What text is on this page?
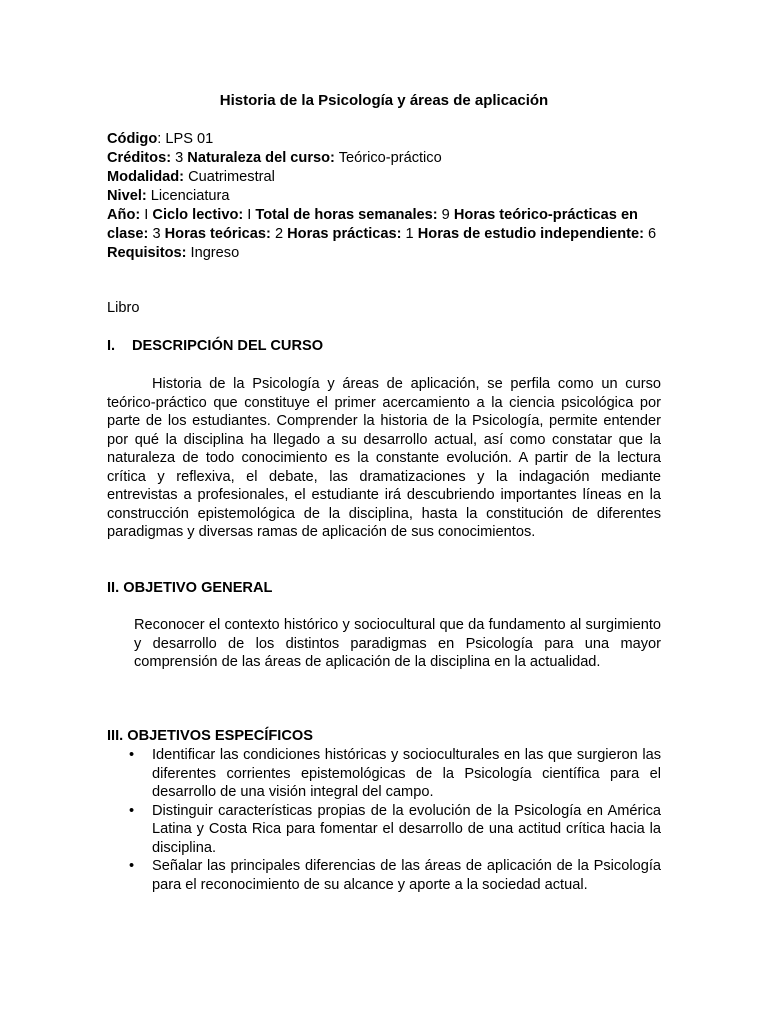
Historia de la Psicología y áreas de aplicación
Código: LPS 01
Créditos: 3 Naturaleza del curso: Teórico-práctico
Modalidad: Cuatrimestral
Nivel: Licenciatura
Año: I Ciclo lectivo: I Total de horas semanales: 9 Horas teórico-prácticas en clase: 3 Horas teóricas: 2 Horas prácticas: 1 Horas de estudio independiente: 6 Requisitos: Ingreso
Libro
I. DESCRIPCIÓN DEL CURSO
Historia de la Psicología y áreas de aplicación, se perfila como un curso teórico-práctico que constituye el primer acercamiento a la ciencia psicológica por parte de los estudiantes. Comprender la historia de la Psicología, permite entender por qué la disciplina ha llegado a su desarrollo actual, así como constatar que la naturaleza de todo conocimiento es la constante evolución. A partir de la lectura crítica y reflexiva, el debate, las dramatizaciones y la indagación mediante entrevistas a profesionales, el estudiante irá descubriendo importantes líneas en la construcción epistemológica de la disciplina, hasta la constitución de diferentes paradigmas y diversas ramas de aplicación de sus conocimientos.
II. OBJETIVO GENERAL
Reconocer el contexto histórico y sociocultural que da fundamento al surgimiento y desarrollo de los distintos paradigmas en Psicología para una mayor comprensión de las áreas de aplicación de la disciplina en la actualidad.
III. OBJETIVOS ESPECÍFICOS
• Identificar las condiciones históricas y socioculturales en las que surgieron las diferentes corrientes epistemológicas de la Psicología científica para el desarrollo de una visión integral del campo.
• Distinguir características propias de la evolución de la Psicología en América Latina y Costa Rica para fomentar el desarrollo de una actitud crítica hacia la disciplina.
• Señalar las principales diferencias de las áreas de aplicación de la Psicología para el reconocimiento de su alcance y aporte a la sociedad actual.
